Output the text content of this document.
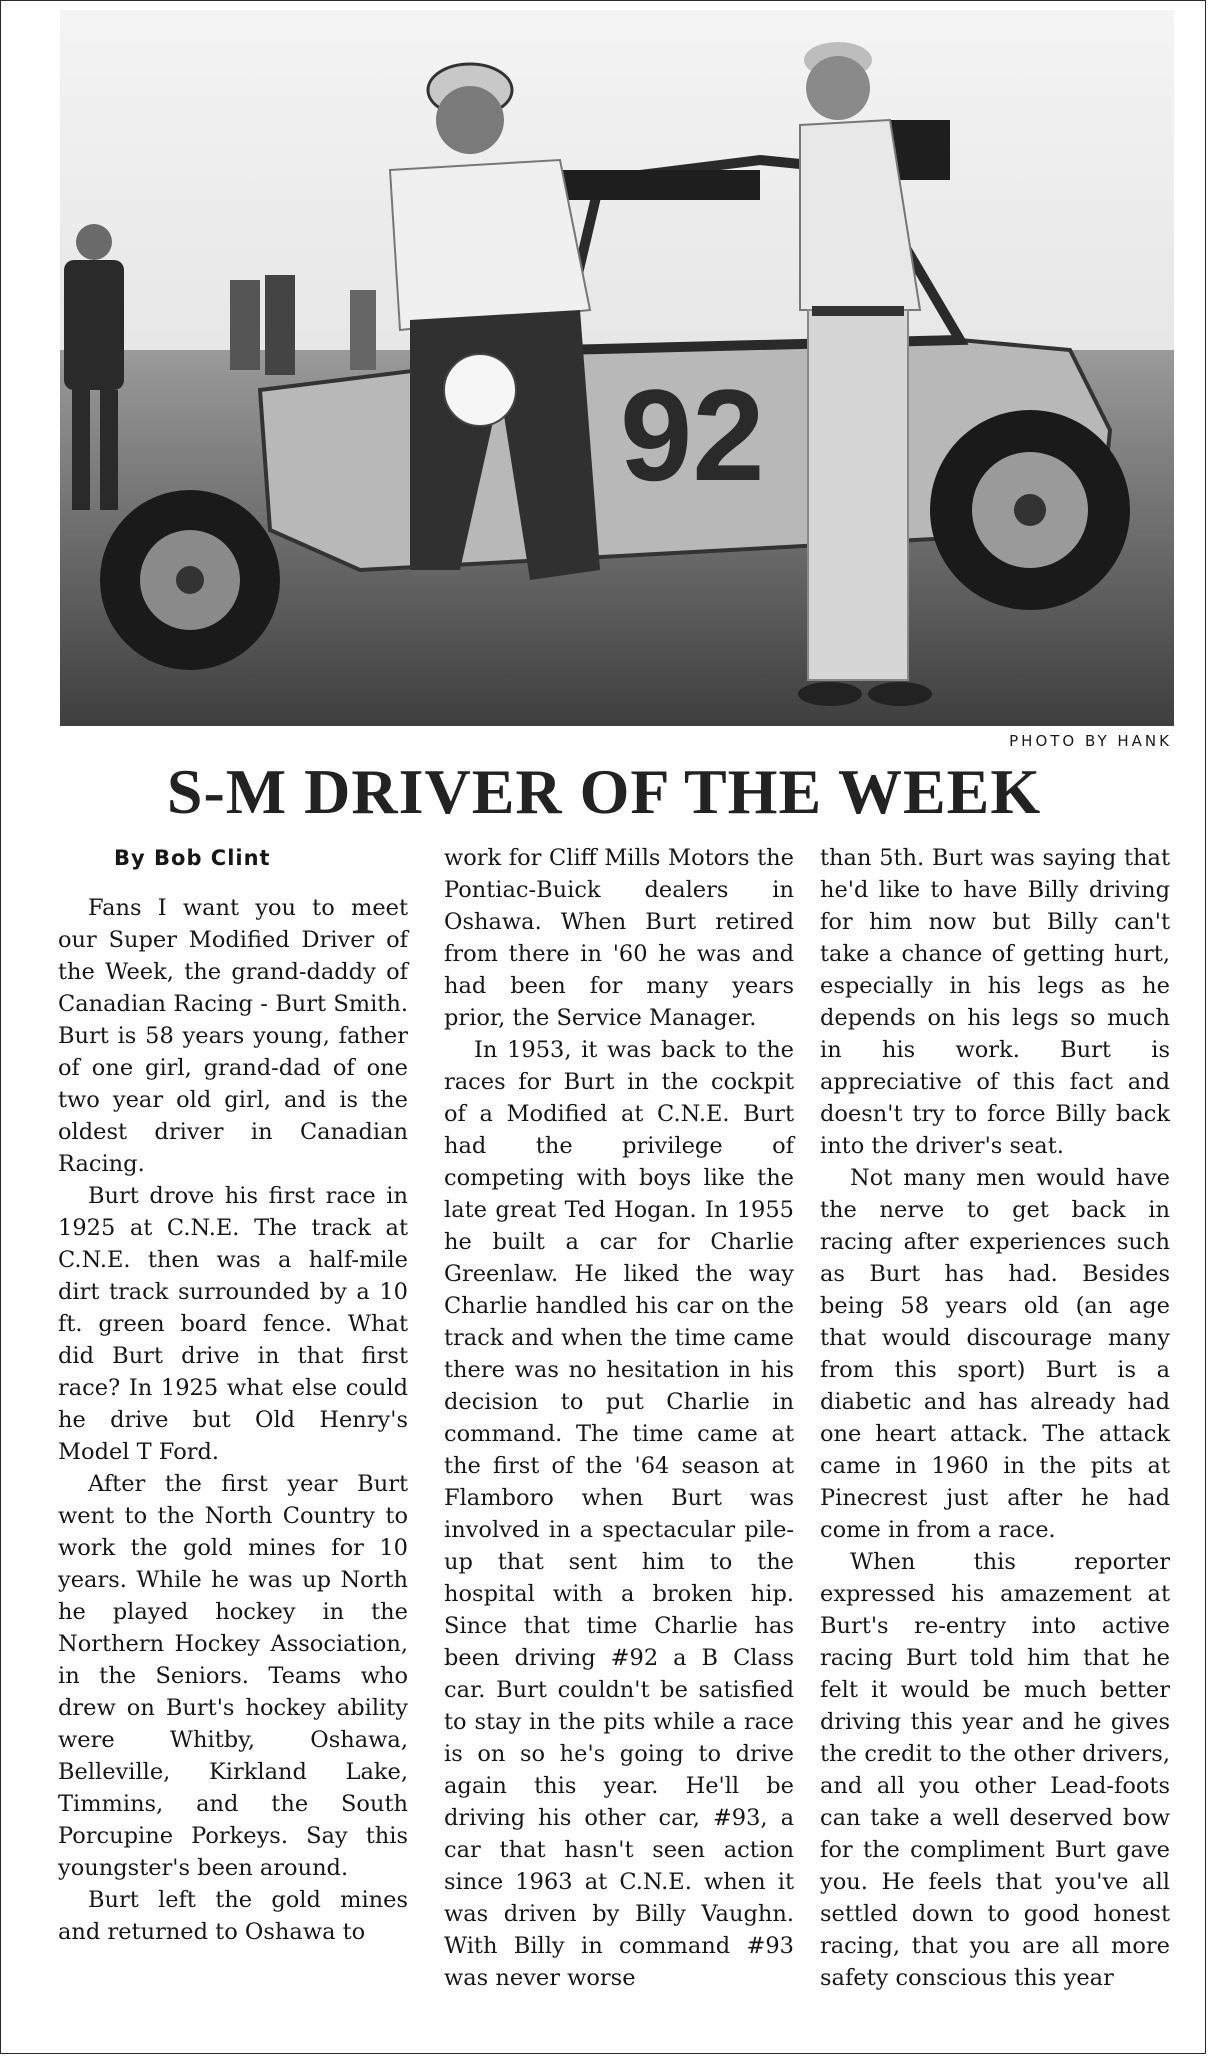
92
PHOTO BY HANK
S-M DRIVER OF THE WEEK
By Bob Clint

Fans I want you to meet our Super Modified Driver of the Week, the grand-daddy of Canadian Racing - Burt Smith. Burt is 58 years young, father of one girl, grand-dad of one two year old girl, and is the oldest driver in Canadian Racing.

Burt drove his first race in 1925 at C.N.E. The track at C.N.E. then was a half-mile dirt track surrounded by a 10 ft. green board fence. What did Burt drive in that first race? In 1925 what else could he drive but Old Henry's Model T Ford.

After the first year Burt went to the North Country to work the gold mines for 10 years. While he was up North he played hockey in the Northern Hockey Association, in the Seniors. Teams who drew on Burt's hockey ability were Whitby, Oshawa, Belleville, Kirkland Lake, Timmins, and the South Porcupine Porkeys. Say this youngster's been around.

Burt left the gold mines and returned to Oshawa to

work for Cliff Mills Motors the Pontiac-Buick dealers in Oshawa. When Burt retired from there in '60 he was and had been for many years prior, the Service Manager.

In 1953, it was back to the races for Burt in the cockpit of a Modified at C.N.E. Burt had the privilege of competing with boys like the late great Ted Hogan. In 1955 he built a car for Charlie Greenlaw. He liked the way Charlie handled his car on the track and when the time came there was no hesitation in his decision to put Charlie in command. The time came at the first of the '64 season at Flamboro when Burt was involved in a spectacular pile-up that sent him to the hospital with a broken hip. Since that time Charlie has been driving #92 a B Class car. Burt couldn't be satisfied to stay in the pits while a race is on so he's going to drive again this year. He'll be driving his other car, #93, a car that hasn't seen action since 1963 at C.N.E. when it was driven by Billy Vaughn. With Billy in command #93 was never worse

than 5th. Burt was saying that he'd like to have Billy driving for him now but Billy can't take a chance of getting hurt, especially in his legs as he depends on his legs so much in his work. Burt is appreciative of this fact and doesn't try to force Billy back into the driver's seat.

Not many men would have the nerve to get back in racing after experiences such as Burt has had. Besides being 58 years old (an age that would discourage many from this sport) Burt is a diabetic and has already had one heart attack. The attack came in 1960 in the pits at Pinecrest just after he had come in from a race.

When this reporter expressed his amazement at Burt's re-entry into active racing Burt told him that he felt it would be much better driving this year and he gives the credit to the other drivers, and all you other Lead-foots can take a well deserved bow for the compliment Burt gave you. He feels that you've all settled down to good honest racing, that you are all more safety conscious this year
